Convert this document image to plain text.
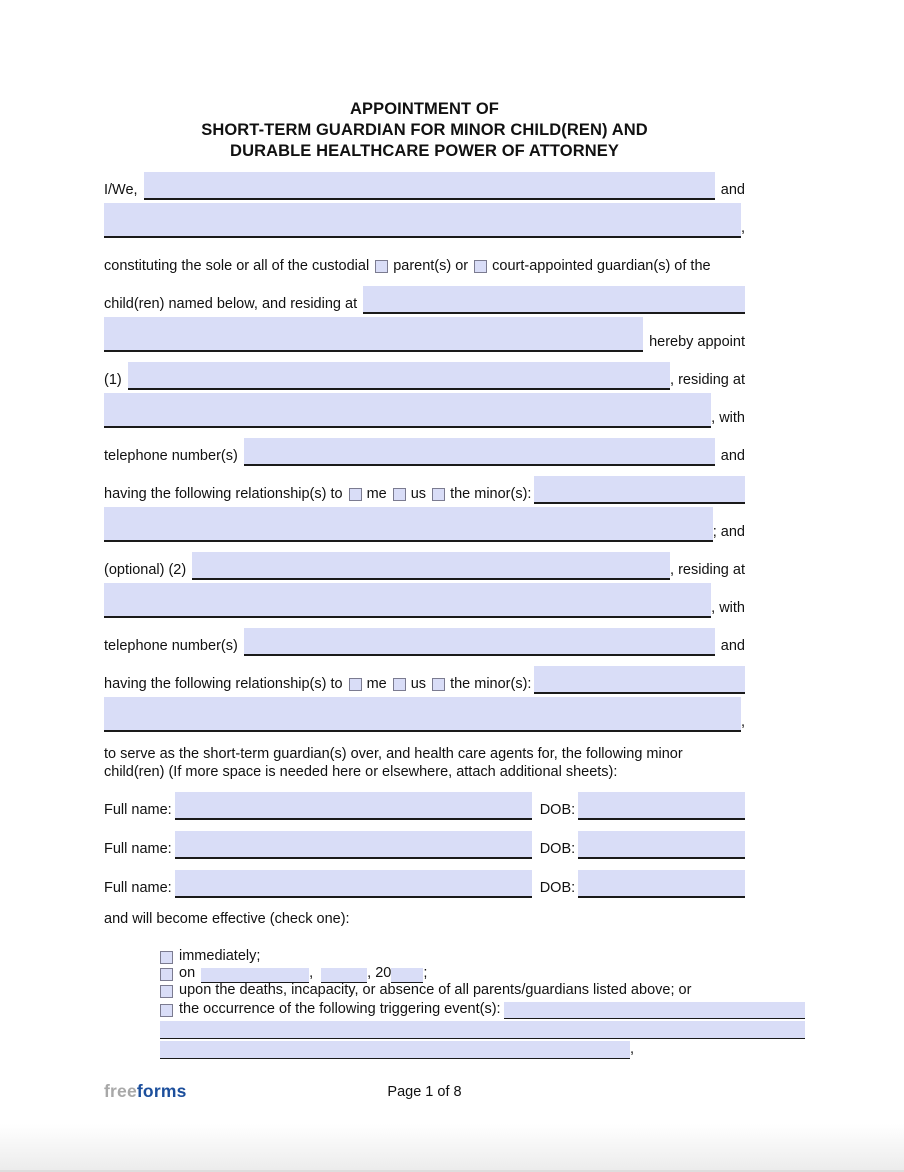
APPOINTMENT OF
SHORT-TERM GUARDIAN FOR MINOR CHILD(REN) AND
DURABLE HEALTHCARE POWER OF ATTORNEY
I/We,	and
,
constituting the sole or all of the custodial parent(s) or court-appointed guardian(s) of the
child(ren) named below, and residing at
hereby appoint
(1)	, residing at
, with
telephone number(s)	and
having the following relationship(s) to me us the minor(s):
; and
(optional) (2)	, residing at
, with
telephone number(s)	and
having the following relationship(s) to me us the minor(s):
,

to serve as the short-term guardian(s) over, and health care agents for, the following minor child(ren) (If more space is needed here or elsewhere, attach additional sheets):

Full name:	DOB:
Full name:	DOB:
Full name:	DOB:
and will become effective (check one):
immediately;
on	,	, 20 ;
upon the deaths, incapacity, or absence of all parents/guardians listed above; or
the occurrence of the following triggering event(s):
,
freeforms	Page 1 of 8
